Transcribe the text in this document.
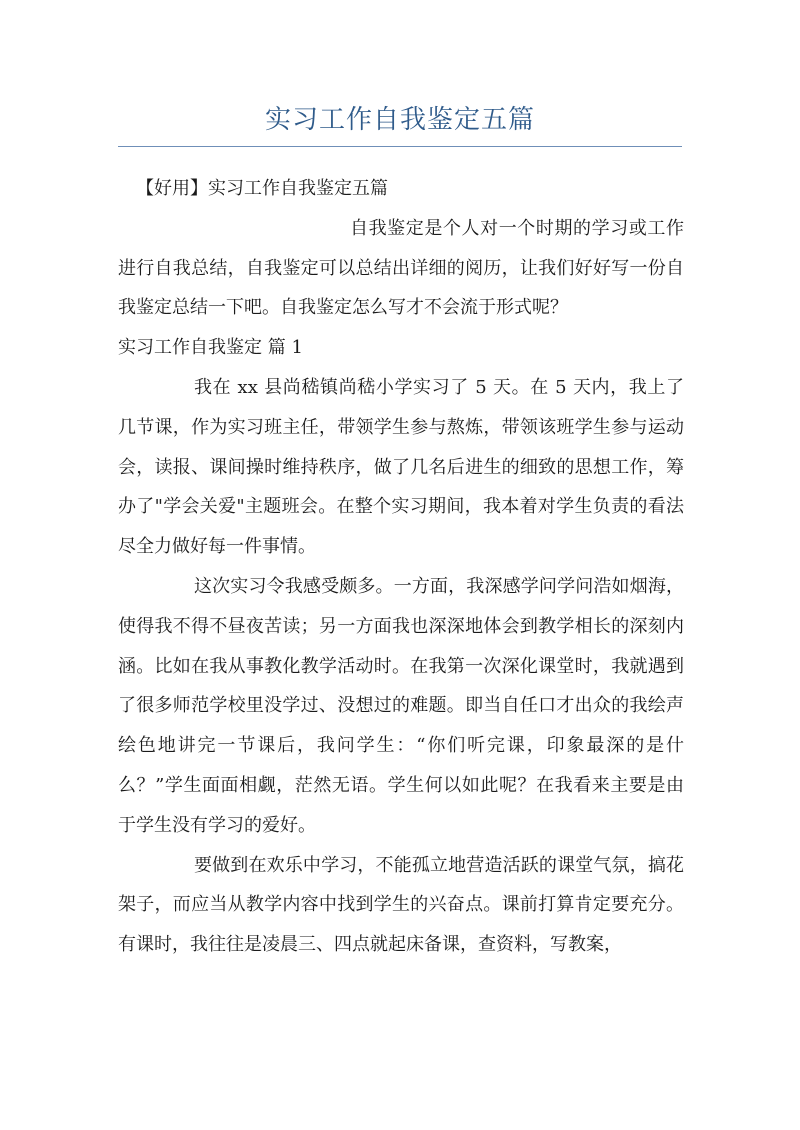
实习工作自我鉴定五篇

【好用】实习工作自我鉴定五篇

自我鉴定是个人对一个时期的学习或工作进行自我总结，自我鉴定可以总结出详细的阅历，让我们好好写一份自我鉴定总结一下吧。自我鉴定怎么写才不会流于形式呢？

实习工作自我鉴定 篇 1

我在 xx 县尚嵇镇尚嵇小学实习了 5 天。在 5 天内，我上了几节课，作为实习班主任，带领学生参与熬炼，带领该班学生参与运动会，读报、课间操时维持秩序，做了几名后进生的细致的思想工作，筹办了"学会关爱"主题班会。在整个实习期间，我本着对学生负责的看法尽全力做好每一件事情。

这次实习令我感受颇多。一方面，我深感学问学问浩如烟海，使得我不得不昼夜苦读；另一方面我也深深地体会到教学相长的深刻内涵。比如在我从事教化教学活动时。在我第一次深化课堂时，我就遇到了很多师范学校里没学过、没想过的难题。即当自任口才出众的我绘声绘色地讲完一节课后，我问学生：“你们听完课，印象最深的是什么？”学生面面相觑，茫然无语。学生何以如此呢？在我看来主要是由于学生没有学习的爱好。

要做到在欢乐中学习，不能孤立地营造活跃的课堂气氛，搞花架子，而应当从教学内容中找到学生的兴奋点。课前打算肯定要充分。有课时，我往往是凌晨三、四点就起床备课，查资料，写教案，
